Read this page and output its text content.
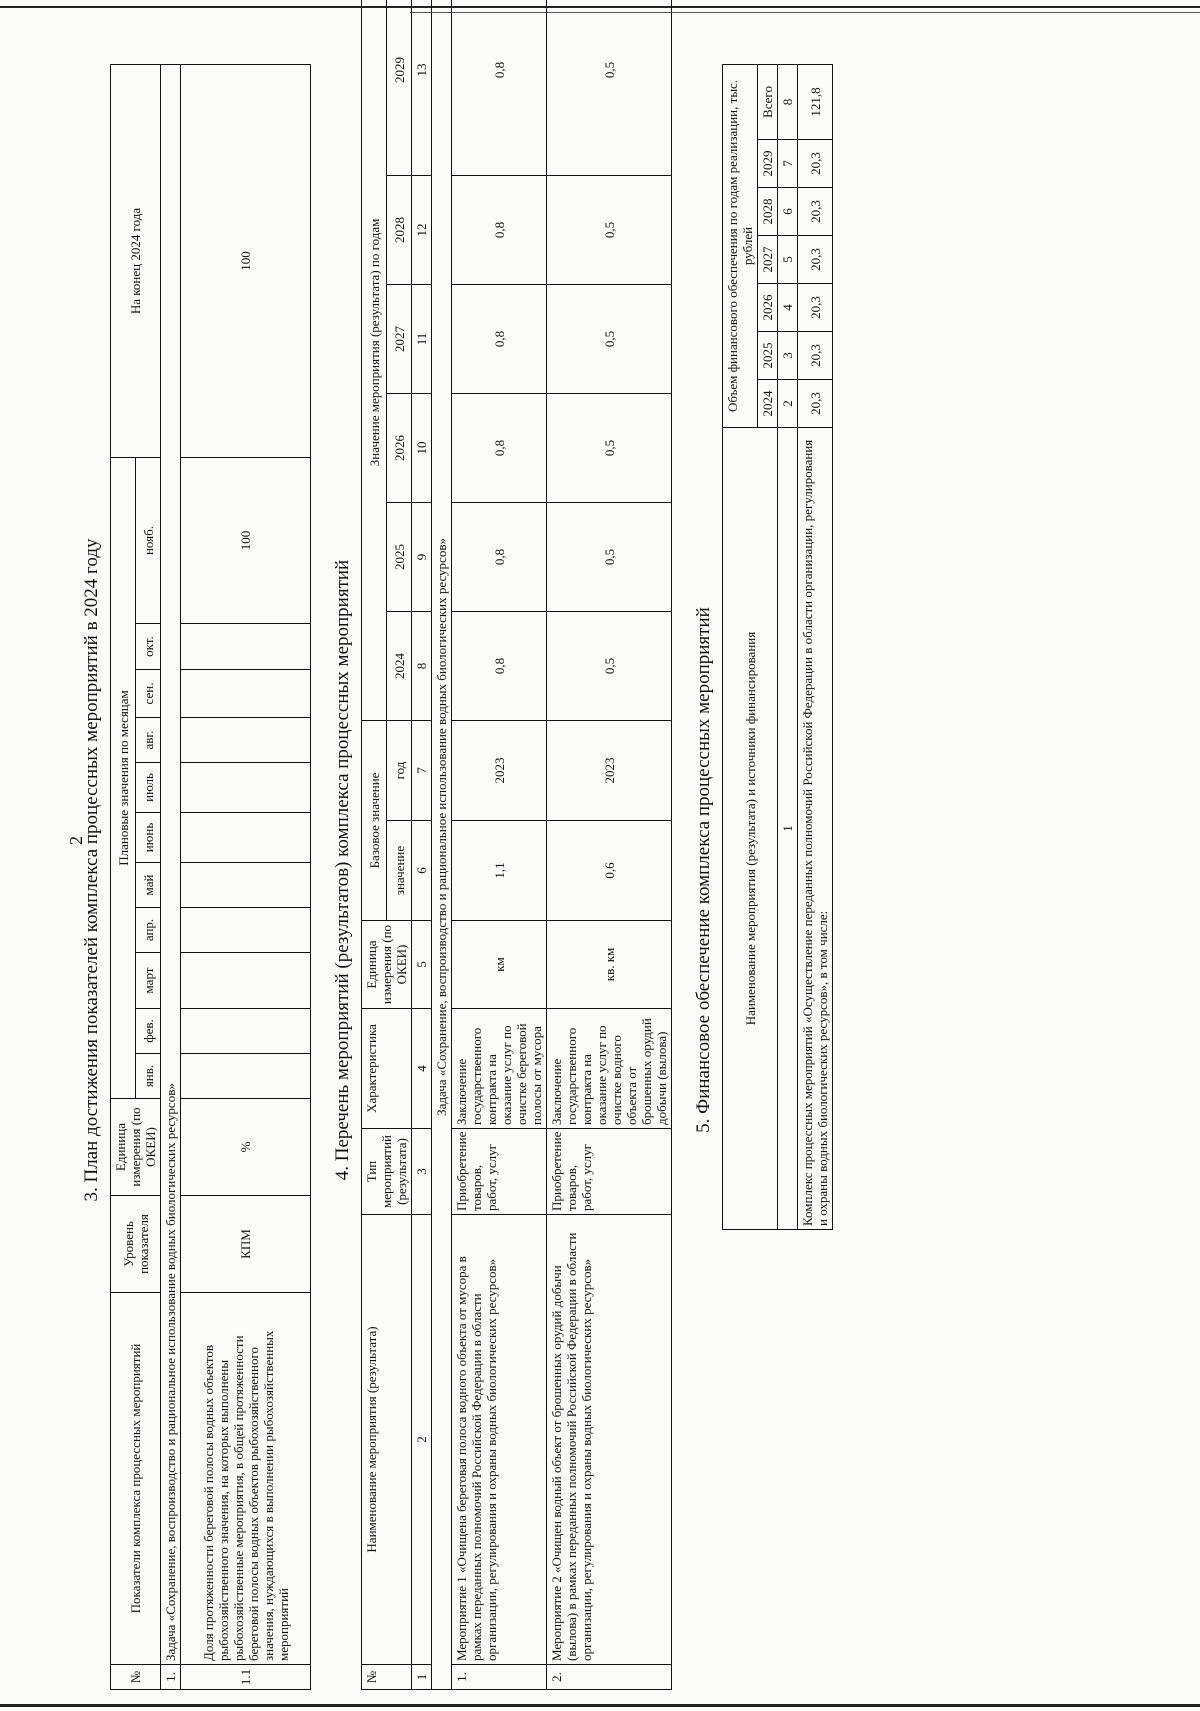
2

3. План достижения показателей комплекса процессных мероприятий в 2024 году

№	Показатели комплекса процессных мероприятий	Уровень показателя	Единица измерения (по ОКЕИ)	Плановые значения по месяцам											На конец 2024 года
				янв.	фев.	март	апр.	май	июнь	июль	авг.	сен.	окт.	нояб.	
1.	Задача «Сохранение, воспроизводство и рациональное использование водных биологических ресурсов»														
1.1	Доля протяженности береговой полосы водных объектов рыбохозяйственного значения, на которых выполнены рыбохозяйственные мероприятия, в общей протяженности береговой полосы водных объектов рыбохозяйственного значения, нуждающихся в выполнении рыбохозяйственных мероприятий	КПМ	%											100	100

4. Перечень мероприятий (результатов) комплекса процессных мероприятий

№	Наименование мероприятия (результата)	Тип мероприятий (результата)	Характеристика	Единица измерения (по ОКЕИ)	Базовое значение		Значение мероприятия (результата) по годам					
					значение	год	2024	2025	2026	2027	2028	2029
1	2	3	4	5	6	7	8	9	10	11	12	13
Задача «Сохранение, воспроизводство и рациональное использование водных биологических ресурсов»												
1.	Мероприятие 1 «Очищена береговая полоса водного объекта от мусора в рамках переданных полномочий Российской Федерации в области организации, регулирования и охраны водных биологических ресурсов»	Приобретение товаров, работ, услуг	Заключение государственного контракта на оказание услуг по очистке береговой полосы от мусора	км	1,1	2023	0,8	0,8	0,8	0,8	0,8	0,8
2.	Мероприятие 2 «Очищен водный объект от брошенных орудий добычи (вылова) в рамках переданных полномочий Российской Федерации в области организации, регулирования и охраны водных биологических ресурсов»	Приобретение товаров, работ, услуг	Заключение государственного контракта на оказание услуг по очистке водного объекта от брошенных орудий добычи (вылова)	кв. км	0,6	2023	0,5	0,5	0,5	0,5	0,5	0,5

5. Финансовое обеспечение комплекса процессных мероприятий Наименование мероприятия (результата) и источники финансирования	Объем финансового обеспечения по годам реализации, тыс. рублей						
	2024	2025	2026	2027	2028	2029	Всего
1	2	3	4	5	6	7	8
Комплекс процессных мероприятий «Осуществление переданных полномочий Российской Федерации в области организации, регулирования и охраны водных биологических ресурсов», в том числе:	20,3	20,3	20,3	20,3	20,3	20,3	121,8
